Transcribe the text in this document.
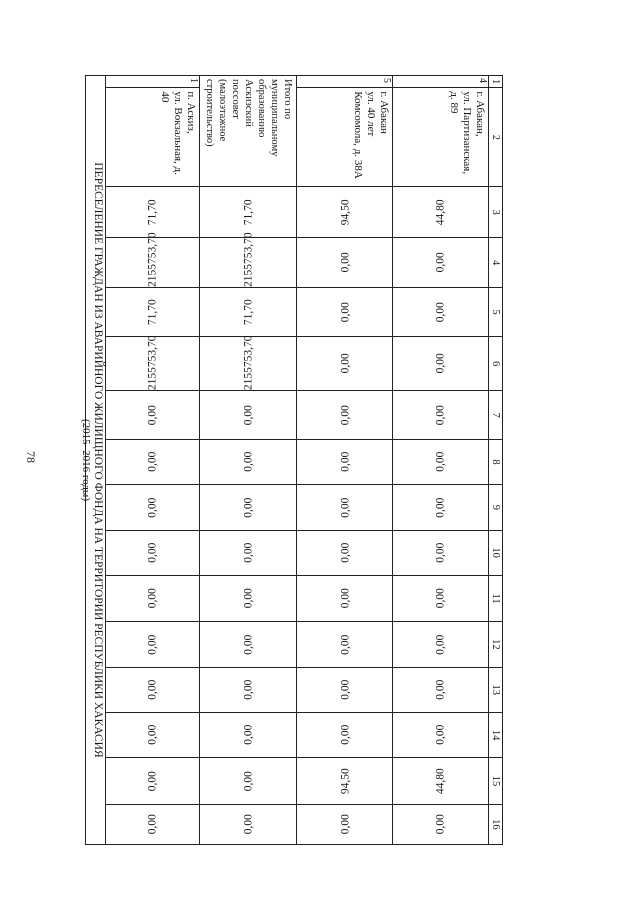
78
1	2	3	4	5	6	7	8	9	10	11	12	13	14	15	16
4	г. Абакан,
ул. Партизанская,
д. 89	44,80	0,00	0,00	0,00	0,00	0,00	0,00	0,00	0,00	0,00	0,00	0,00	44,80	0,00
5	г. Абакан
ул. 40 лет
Комсомола, д. 38А	94,50	0,00	0,00	0,00	0,00	0,00	0,00	0,00	0,00	0,00	0,00	0,00	94,50	0,00

Итого по муниципальному
образованию Аскизский
поссовет (малоэтажное
строительство)		71,70	2155753,70	71,70	2155753,70	0,00	0,00	0,00	0,00	0,00	0,00	0,00	0,00	0,00	0,00
1	п. Аскиз,
ул. Вокзальная, д. 40	71,70	2155753,70	71,70	2155753,70	0,00	0,00	0,00	0,00	0,00	0,00	0,00	0,00	0,00	0,00
ПЕРЕСЕЛЕНИЕ ГРАЖДАН ИЗ АВАРИЙНОГО ЖИЛИЩНОГО ФОНДА НА ТЕРРИТОРИИ РЕСПУБЛИКИ ХАКАСИЯ
(2015–2016 годы)
